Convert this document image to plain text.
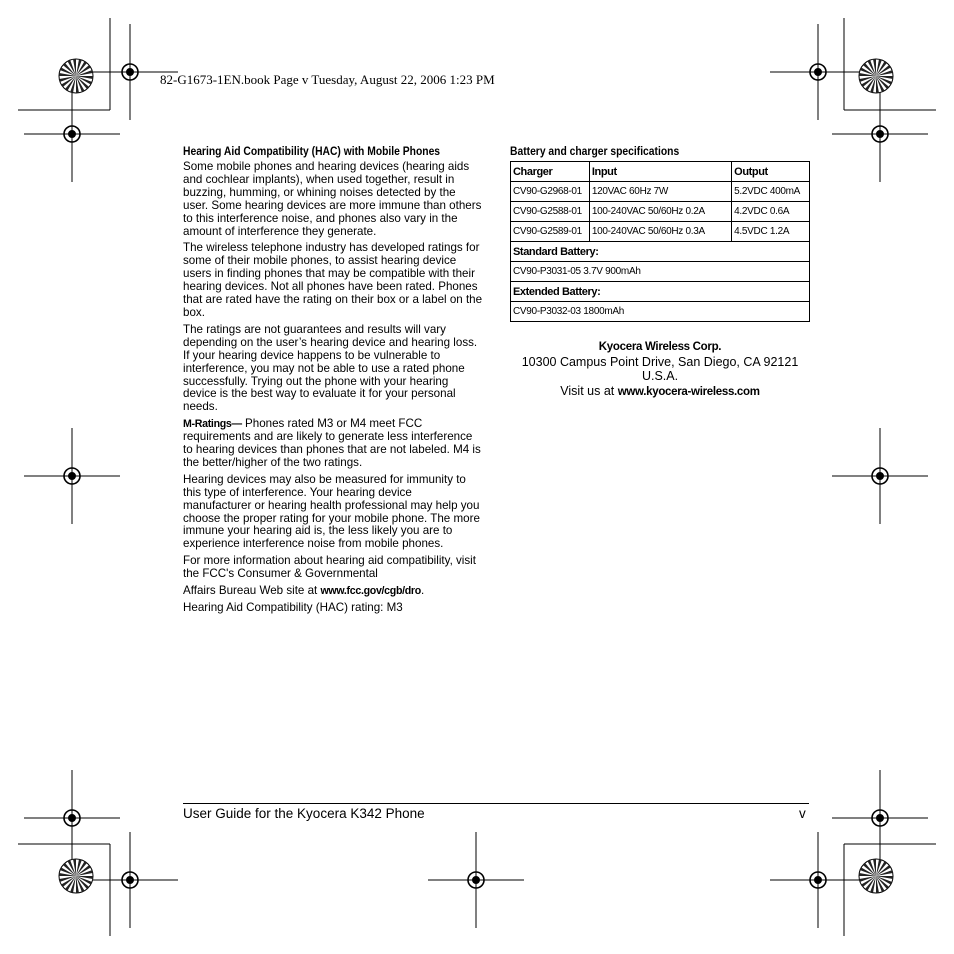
82-G1673-1EN.book Page v Tuesday, August 22, 2006 1:23 PM
Hearing Aid Compatibility (HAC) with Mobile Phones

Some mobile phones and hearing devices (hearing aids and cochlear implants), when used together, result in buzzing, humming, or whining noises detected by the user. Some hearing devices are more immune than others to this interference noise, and phones also vary in the amount of interference they generate.

The wireless telephone industry has developed ratings for some of their mobile phones, to assist hearing device users in finding phones that may be compatible with their hearing devices. Not all phones have been rated. Phones that are rated have the rating on their box or a label on the box.

The ratings are not guarantees and results will vary depending on the user’s hearing device and hearing loss. If your hearing device happens to be vulnerable to interference, you may not be able to use a rated phone successfully. Trying out the phone with your hearing device is the best way to evaluate it for your personal needs.

M-Ratings— Phones rated M3 or M4 meet FCC requirements and are likely to generate less interference to hearing devices than phones that are not labeled. M4 is the better/higher of the two ratings.

Hearing devices may also be measured for immunity to this type of interference. Your hearing device manufacturer or hearing health professional may help you choose the proper rating for your mobile phone. The more immune your hearing aid is, the less likely you are to experience interference noise from mobile phones.

For more information about hearing aid compatibility, visit the FCC's Consumer & Governmental

Affairs Bureau Web site at www.fcc.gov/cgb/dro.

Hearing Aid Compatibility (HAC) rating: M3

Battery and charger specifications
Charger	Input	Output
CV90-G2968-01	120VAC 60Hz 7W	5.2VDC 400mA
CV90-G2588-01	100-240VAC 50/60Hz 0.2A	4.2VDC 0.6A
CV90-G2589-01	100-240VAC 50/60Hz 0.3A	4.5VDC 1.2A
Standard Battery:		
CV90-P3031-05 3.7V 900mAh		
Extended Battery:		
CV90-P3032-03 1800mAh		
Kyocera Wireless Corp.
10300 Campus Point Drive, San Diego, CA 92121
U.S.A.
Visit us at www.kyocera-wireless.com
User Guide for the Kyocera K342 Phone	v
